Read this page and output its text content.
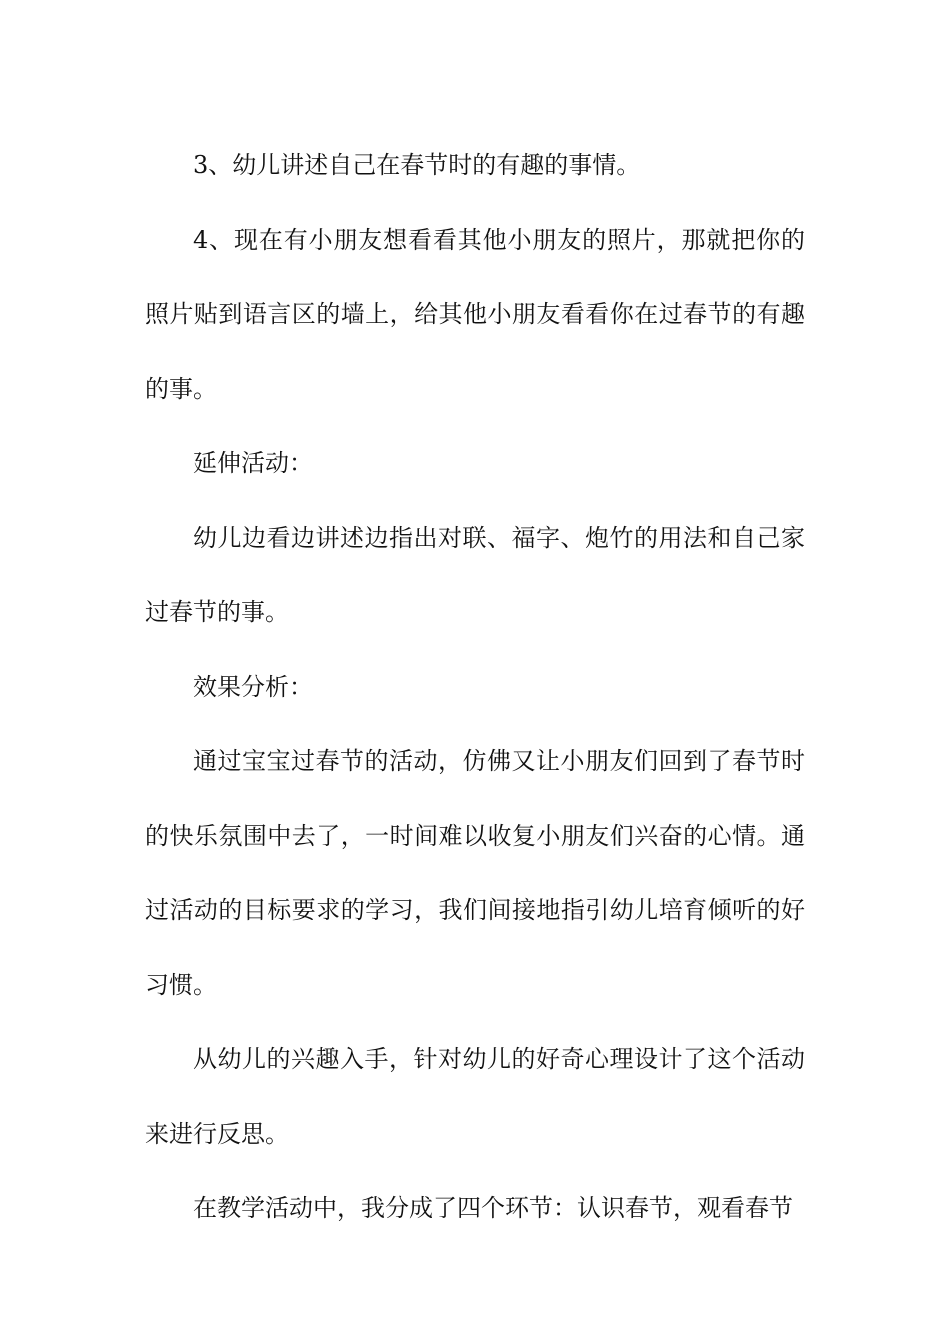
3、幼儿讲述自己在春节时的有趣的事情。

4、现在有小朋友想看看其他小朋友的照片，那就把你的照片贴到语言区的墙上，给其他小朋友看看你在过春节的有趣的事。

延伸活动：

幼儿边看边讲述边指出对联、福字、炮竹的用法和自己家过春节的事。

效果分析：

通过宝宝过春节的活动，仿佛又让小朋友们回到了春节时的快乐氛围中去了，一时间难以收复小朋友们兴奋的心情。通过活动的目标要求的学习，我们间接地指引幼儿培育倾听的好习惯。

从幼儿的兴趣入手，针对幼儿的好奇心理设计了这个活动来进行反思。

在教学活动中，我分成了四个环节：认识春节，观看春节
